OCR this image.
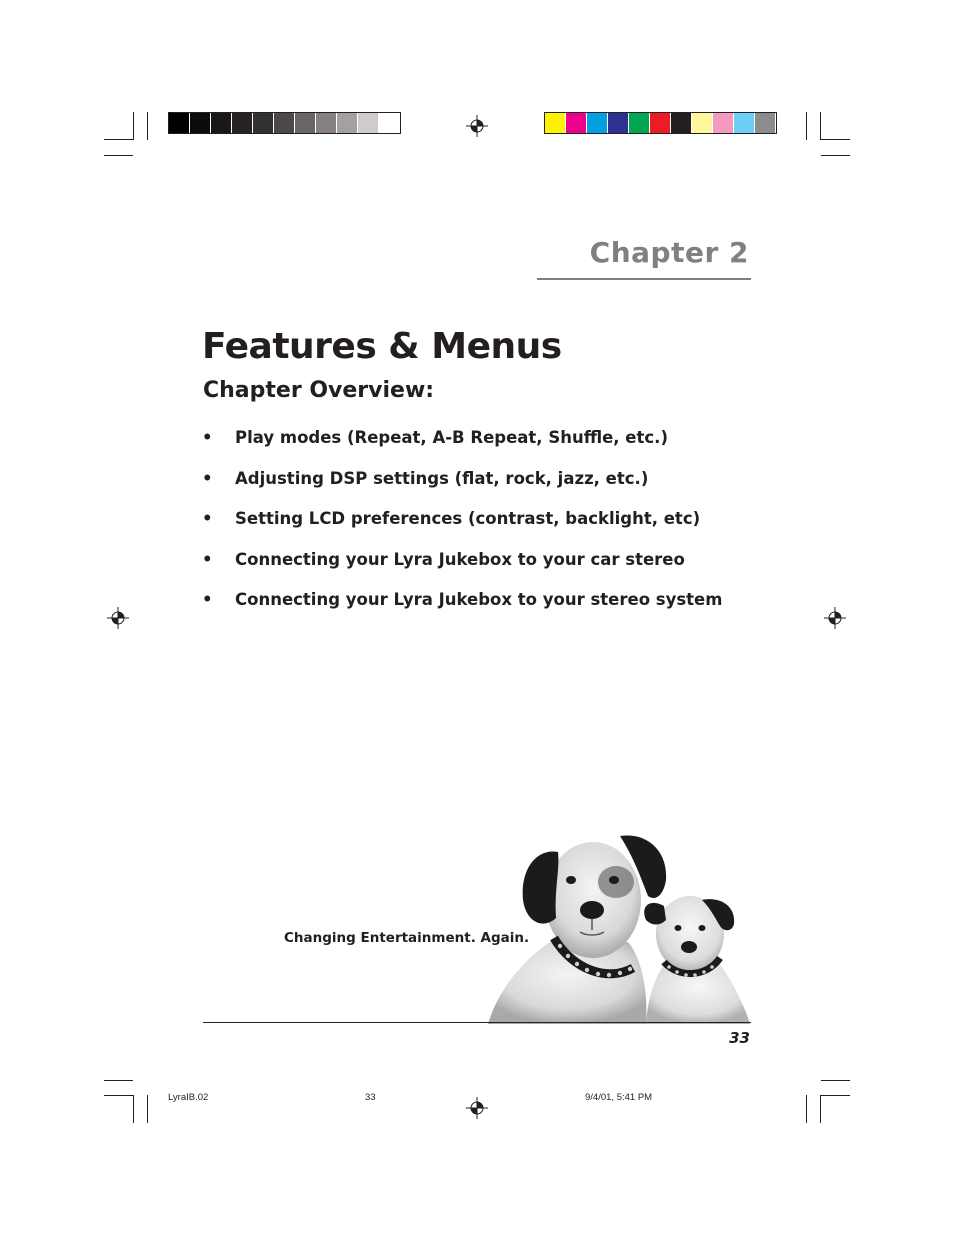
Chapter 2
Features & Menus
Chapter Overview:
• Play modes (Repeat, A-B Repeat, Shuffle, etc.)
• Adjusting DSP settings (flat, rock, jazz, etc.)
• Setting LCD preferences (contrast, backlight, etc)
• Connecting your Lyra Jukebox to your car stereo
• Connecting your Lyra Jukebox to your stereo system
Changing Entertainment. Again.
33
LyraIB.02	33	9/4/01, 5:41 PM
